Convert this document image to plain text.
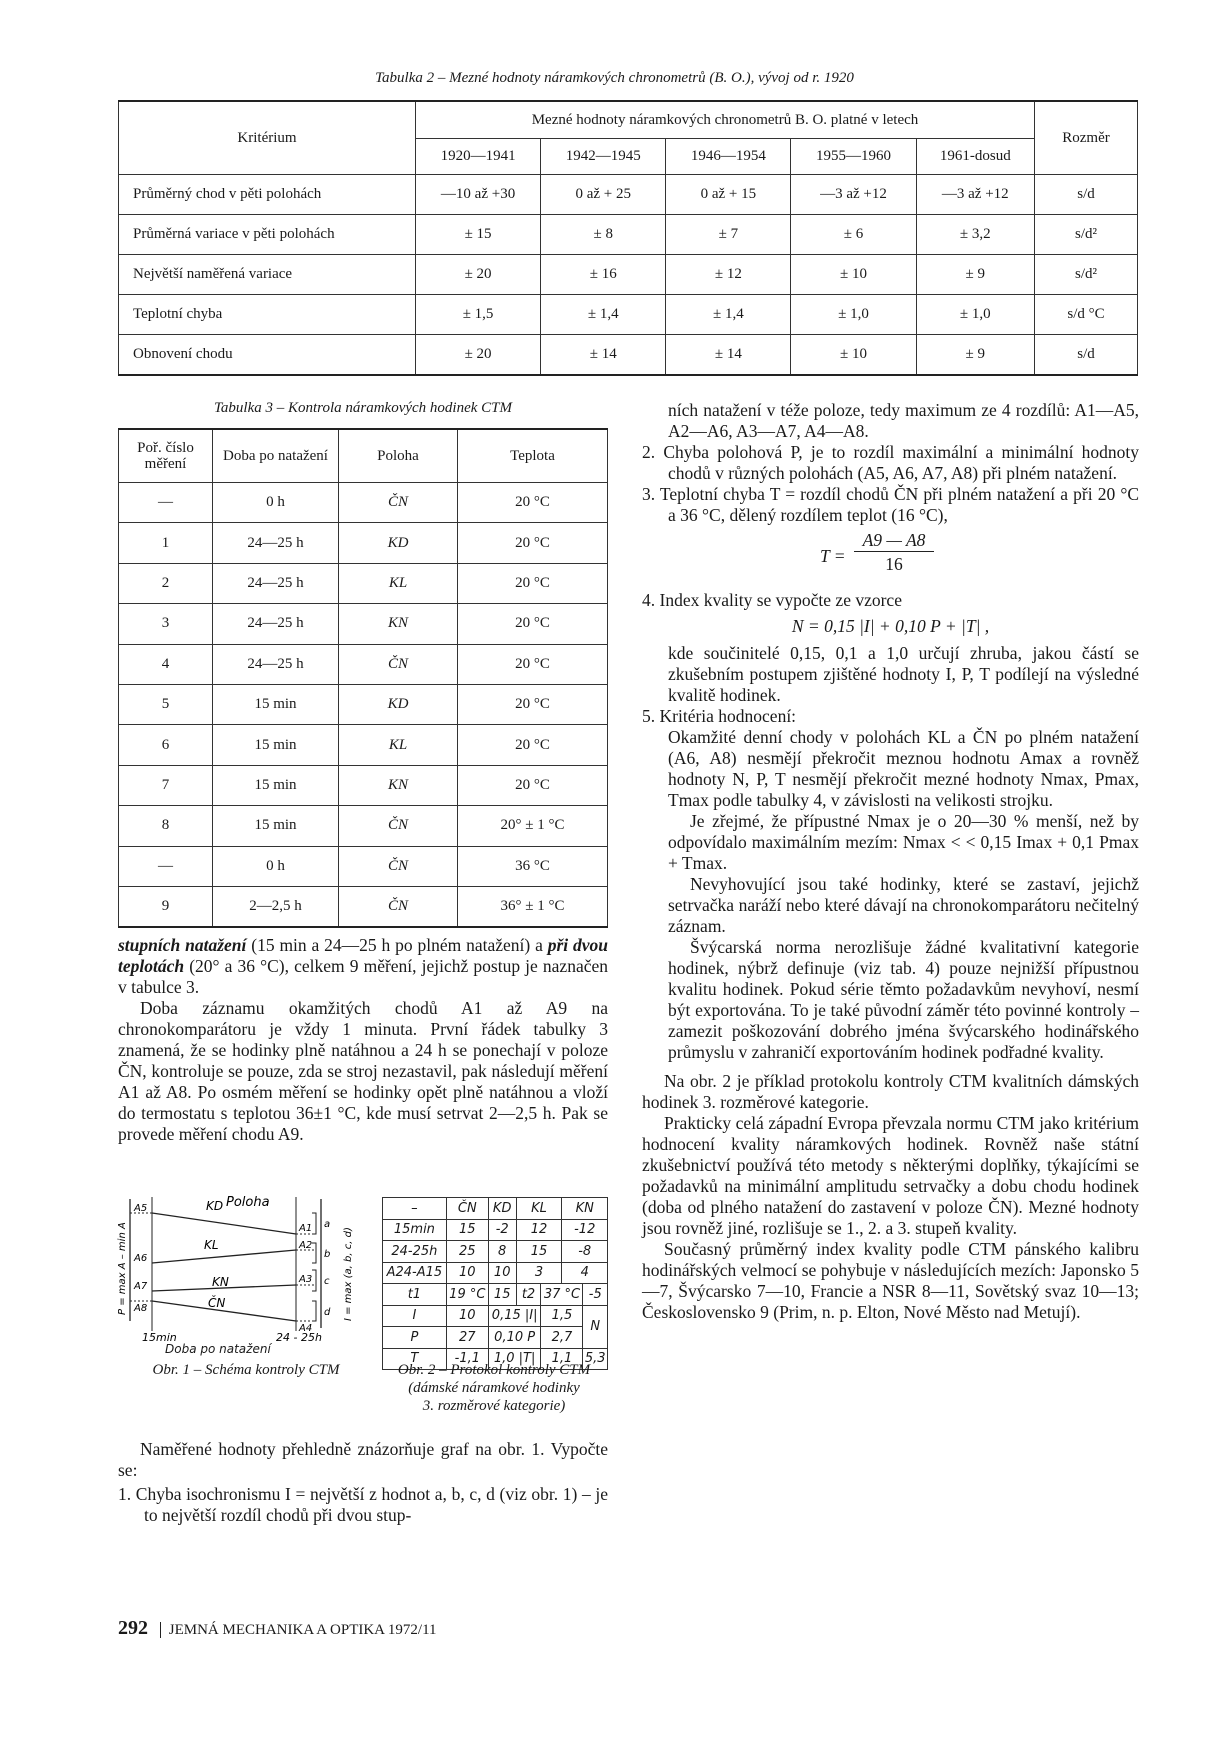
Tabulka 2 – Mezné hodnoty náramkových chronometrů (B. O.), vývoj od r. 1920
Kritérium	Mezné hodnoty náramkových chronometrů B. O. platné v letech					Rozměr
	1920—1941	1942—1945	1946—1954	1955—1960	1961-dosud	
Průměrný chod v pěti polohách	—10 až +30	0 až + 25	0 až + 15	—3 až +12	—3 až +12	s/d
Průměrná variace v pěti polohách	± 15	± 8	± 7	± 6	± 3,2	s/d²
Největší naměřená variace	± 20	± 16	± 12	± 10	± 9	s/d²
Teplotní chyba	± 1,5	± 1,4	± 1,4	± 1,0	± 1,0	s/d °C
Obnovení chodu	± 20	± 14	± 14	± 10	± 9	s/d
Tabulka 3 – Kontrola náramkových hodinek CTM
Poř. číslo měření	Doba po natažení	Poloha	Teplota
—	0 h	ČN	20 °C
1	24—25 h	KD	20 °C
2	24—25 h	KL	20 °C
3	24—25 h	KN	20 °C
4	24—25 h	ČN	20 °C
5	15 min	KD	20 °C
6	15 min	KL	20 °C
7	15 min	KN	20 °C
8	15 min	ČN	20° ± 1 °C
—	0 h	ČN	36 °C
9	2—2,5 h	ČN	36° ± 1 °C

stupních natažení (15 min a 24—25 h po plném natažení) a při dvou teplotách (20° a 36 °C), celkem 9 měření, jejichž postup je naznačen v tabulce 3.

Doba záznamu okamžitých chodů A1 až A9 na chronokomparátoru je vždy 1 minuta. První řádek tabulky 3 znamená, že se hodinky plně natáhnou a 24 h se ponechají v poloze ČN, kontroluje se pouze, zda se stroj nezastavil, pak následují měření A1 až A8. Po osmém měření se hodinky opět plně natáhnou a vloží do termostatu s teplotou 36±1 °C, kde musí setrvat 2—2,5 h. Pak se provede měření chodu A9.

Poloha
KD
KL
KN
ČN
A5
A6
A7
A8
A1
A2
A3
A4
a
b
c
d
P = max A – min A	I = max (a, b, c, d)
15min	24 - 25h
Doba po natažení
Obr. 1 – Schéma kontroly CTM
–	ČN	KD	KL		KN	
15min	15	-2	12		-12	
24-25h	25	8	15		-8	
A24-A15	10	10	3		4	
t1	19 °C	15	t2	37 °C		-5
I	10	0,15 |I|		1,5		N
P	27	0,10 P		2,7		
T	-1,1	1,0 |T|		1,1		5,3
Obr. 2 – Protokol kontroly CTM
(dámské náramkové hodinky
3. rozměrové kategorie)

Naměřené hodnoty přehledně znázorňuje graf na obr. 1. Vypočte se:

1. Chyba isochronismu I = největší z hodnot a, b, c, d (viz obr. 1) – je to největší rozdíl chodů při dvou stup-

ních natažení v téže poloze, tedy maximum ze 4 rozdílů: A1—A5, A2—A6, A3—A7, A4—A8.

2. Chyba polohová P, je to rozdíl maximální a minimální hodnoty chodů v různých polohách (A5, A6, A7, A8) při plném natažení.

3. Teplotní chyba T = rozdíl chodů ČN při plném natažení a při 20 °C a 36 °C, dělený rozdílem teplot (16 °C),

T =
A9 — A8
16

4. Index kvality se vypočte ze vzorce

N = 0,15 |I| + 0,10 P + |T| ,

kde součinitelé 0,15, 0,1 a 1,0 určují zhruba, jakou částí se zkušebním postupem zjištěné hodnoty I, P, T podílejí na výsledné kvalitě hodinek.

5. Kritéria hodnocení:

Okamžité denní chody v polohách KL a ČN po plném natažení (A6, A8) nesmějí překročit meznou hodnotu Amax a rovněž hodnoty N, P, T nesmějí překročit mezné hodnoty Nmax, Pmax, Tmax podle tabulky 4, v závislosti na velikosti strojku.

Je zřejmé, že přípustné Nmax je o 20—30 % menší, než by odpovídalo maximálním mezím: Nmax < < 0,15 Imax + 0,1 Pmax + Tmax.

Nevyhovující jsou také hodinky, které se zastaví, jejichž setrvačka naráží nebo které dávají na chronokomparátoru nečitelný záznam.

Švýcarská norma nerozlišuje žádné kvalitativní kategorie hodinek, nýbrž definuje (viz tab. 4) pouze nejnižší přípustnou kvalitu hodinek. Pokud série těmto požadavkům nevyhoví, nesmí být exportována. To je také původní záměr této povinné kontroly – zamezit poškozování dobrého jména švýcarského hodinářského průmyslu v zahraničí exportováním hodinek podřadné kvality.

Na obr. 2 je příklad protokolu kontroly CTM kvalitních dámských hodinek 3. rozměrové kategorie.

Prakticky celá západní Evropa převzala normu CTM jako kritérium hodnocení kvality náramkových hodinek. Rovněž naše státní zkušebnictví používá této metody s některými doplňky, týkajícími se požadavků na minimální amplitudu setrvačky a dobu chodu hodinek (doba od plného natažení do zastavení v poloze ČN). Mezné hodnoty jsou rovněž jiné, rozlišuje se 1., 2. a 3. stupeň kvality.

Současný průměrný index kvality podle CTM pánského kalibru hodinářských velmocí se pohybuje v následujících mezích: Japonsko 5—7, Švýcarsko 7—10, Francie a NSR 8—11, Sovětský svaz 10—13; Československo 9 (Prim, n. p. Elton, Nové Město nad Metují).

292 JEMNÁ MECHANIKA A OPTIKA 1972/11
